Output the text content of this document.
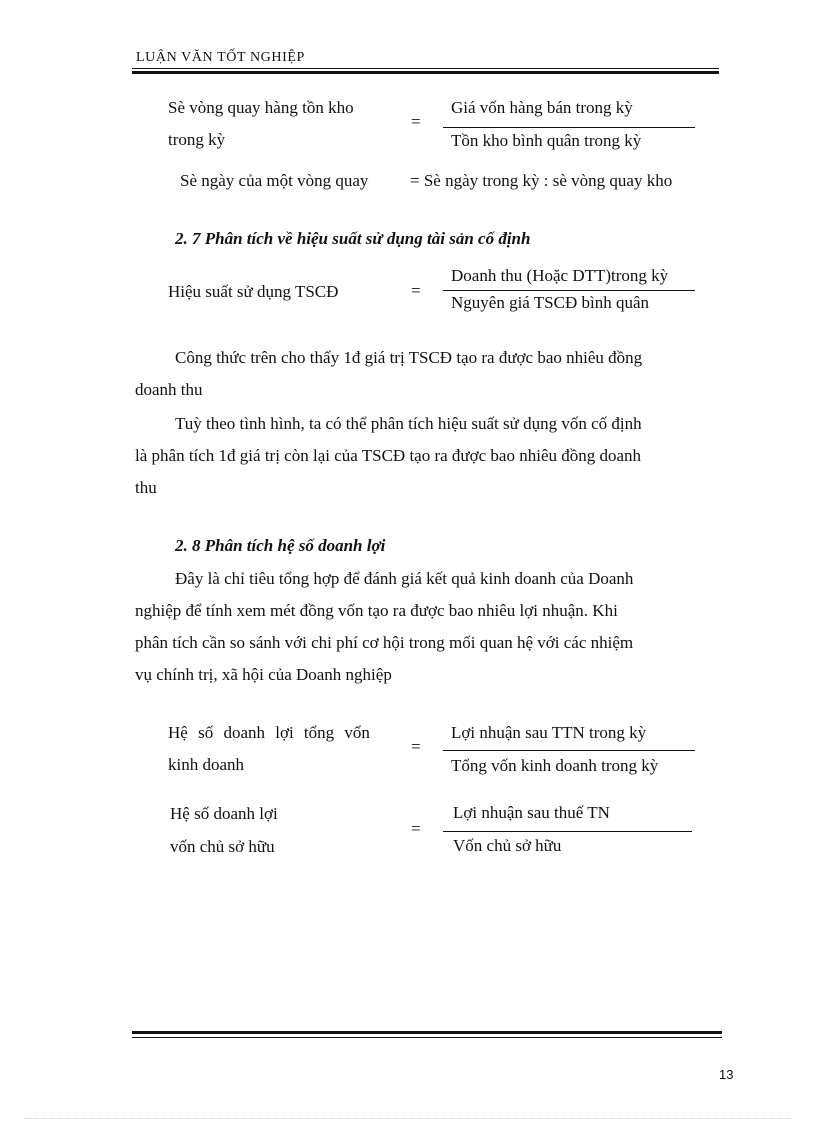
LUẬN VĂN TỐT NGHIỆP
Sè vòng quay hàng tồn kho
trong kỳ
=
Giá vốn hàng bán trong kỳ
Tồn kho bình quân trong kỳ
Sè ngày của một vòng quay = Sè ngày trong kỳ : sè vòng quay kho
2. 7 Phân tích về hiệu suất sử dụng tài sản cố định
Hiệu suất sử dụng TSCĐ	=
Doanh thu (Hoặc DTT)trong kỳ
Nguyên giá TSCĐ bình quân
Công thức trên cho thấy 1đ giá trị TSCĐ tạo ra được bao nhiêu đồng
doanh thu
Tuỳ theo tình hình, ta có thể phân tích hiệu suất sử dụng vốn cố định
là phân tích 1đ giá trị còn lại của TSCĐ tạo ra được bao nhiêu đồng doanh
thu
2. 8 Phân tích hệ số doanh lợi
Đây là chỉ tiêu tổng hợp để đánh giá kết quả kinh doanh của Doanh
nghiệp để tính xem mét đồng vốn tạo ra được bao nhiêu lợi nhuận. Khi
phân tích cần so sánh với chi phí cơ hội trong mối quan hệ với các nhiệm
vụ chính trị, xã hội của Doanh nghiệp
Hệ số doanh lợi tổng vốn
kinh doanh
=
Lợi nhuận sau TTN trong kỳ
Tổng vốn kinh doanh trong kỳ
Hệ số doanh lợi
vốn chủ sở hữu
=
Lợi nhuận sau thuế TN
Vốn chủ sở hữu
13
